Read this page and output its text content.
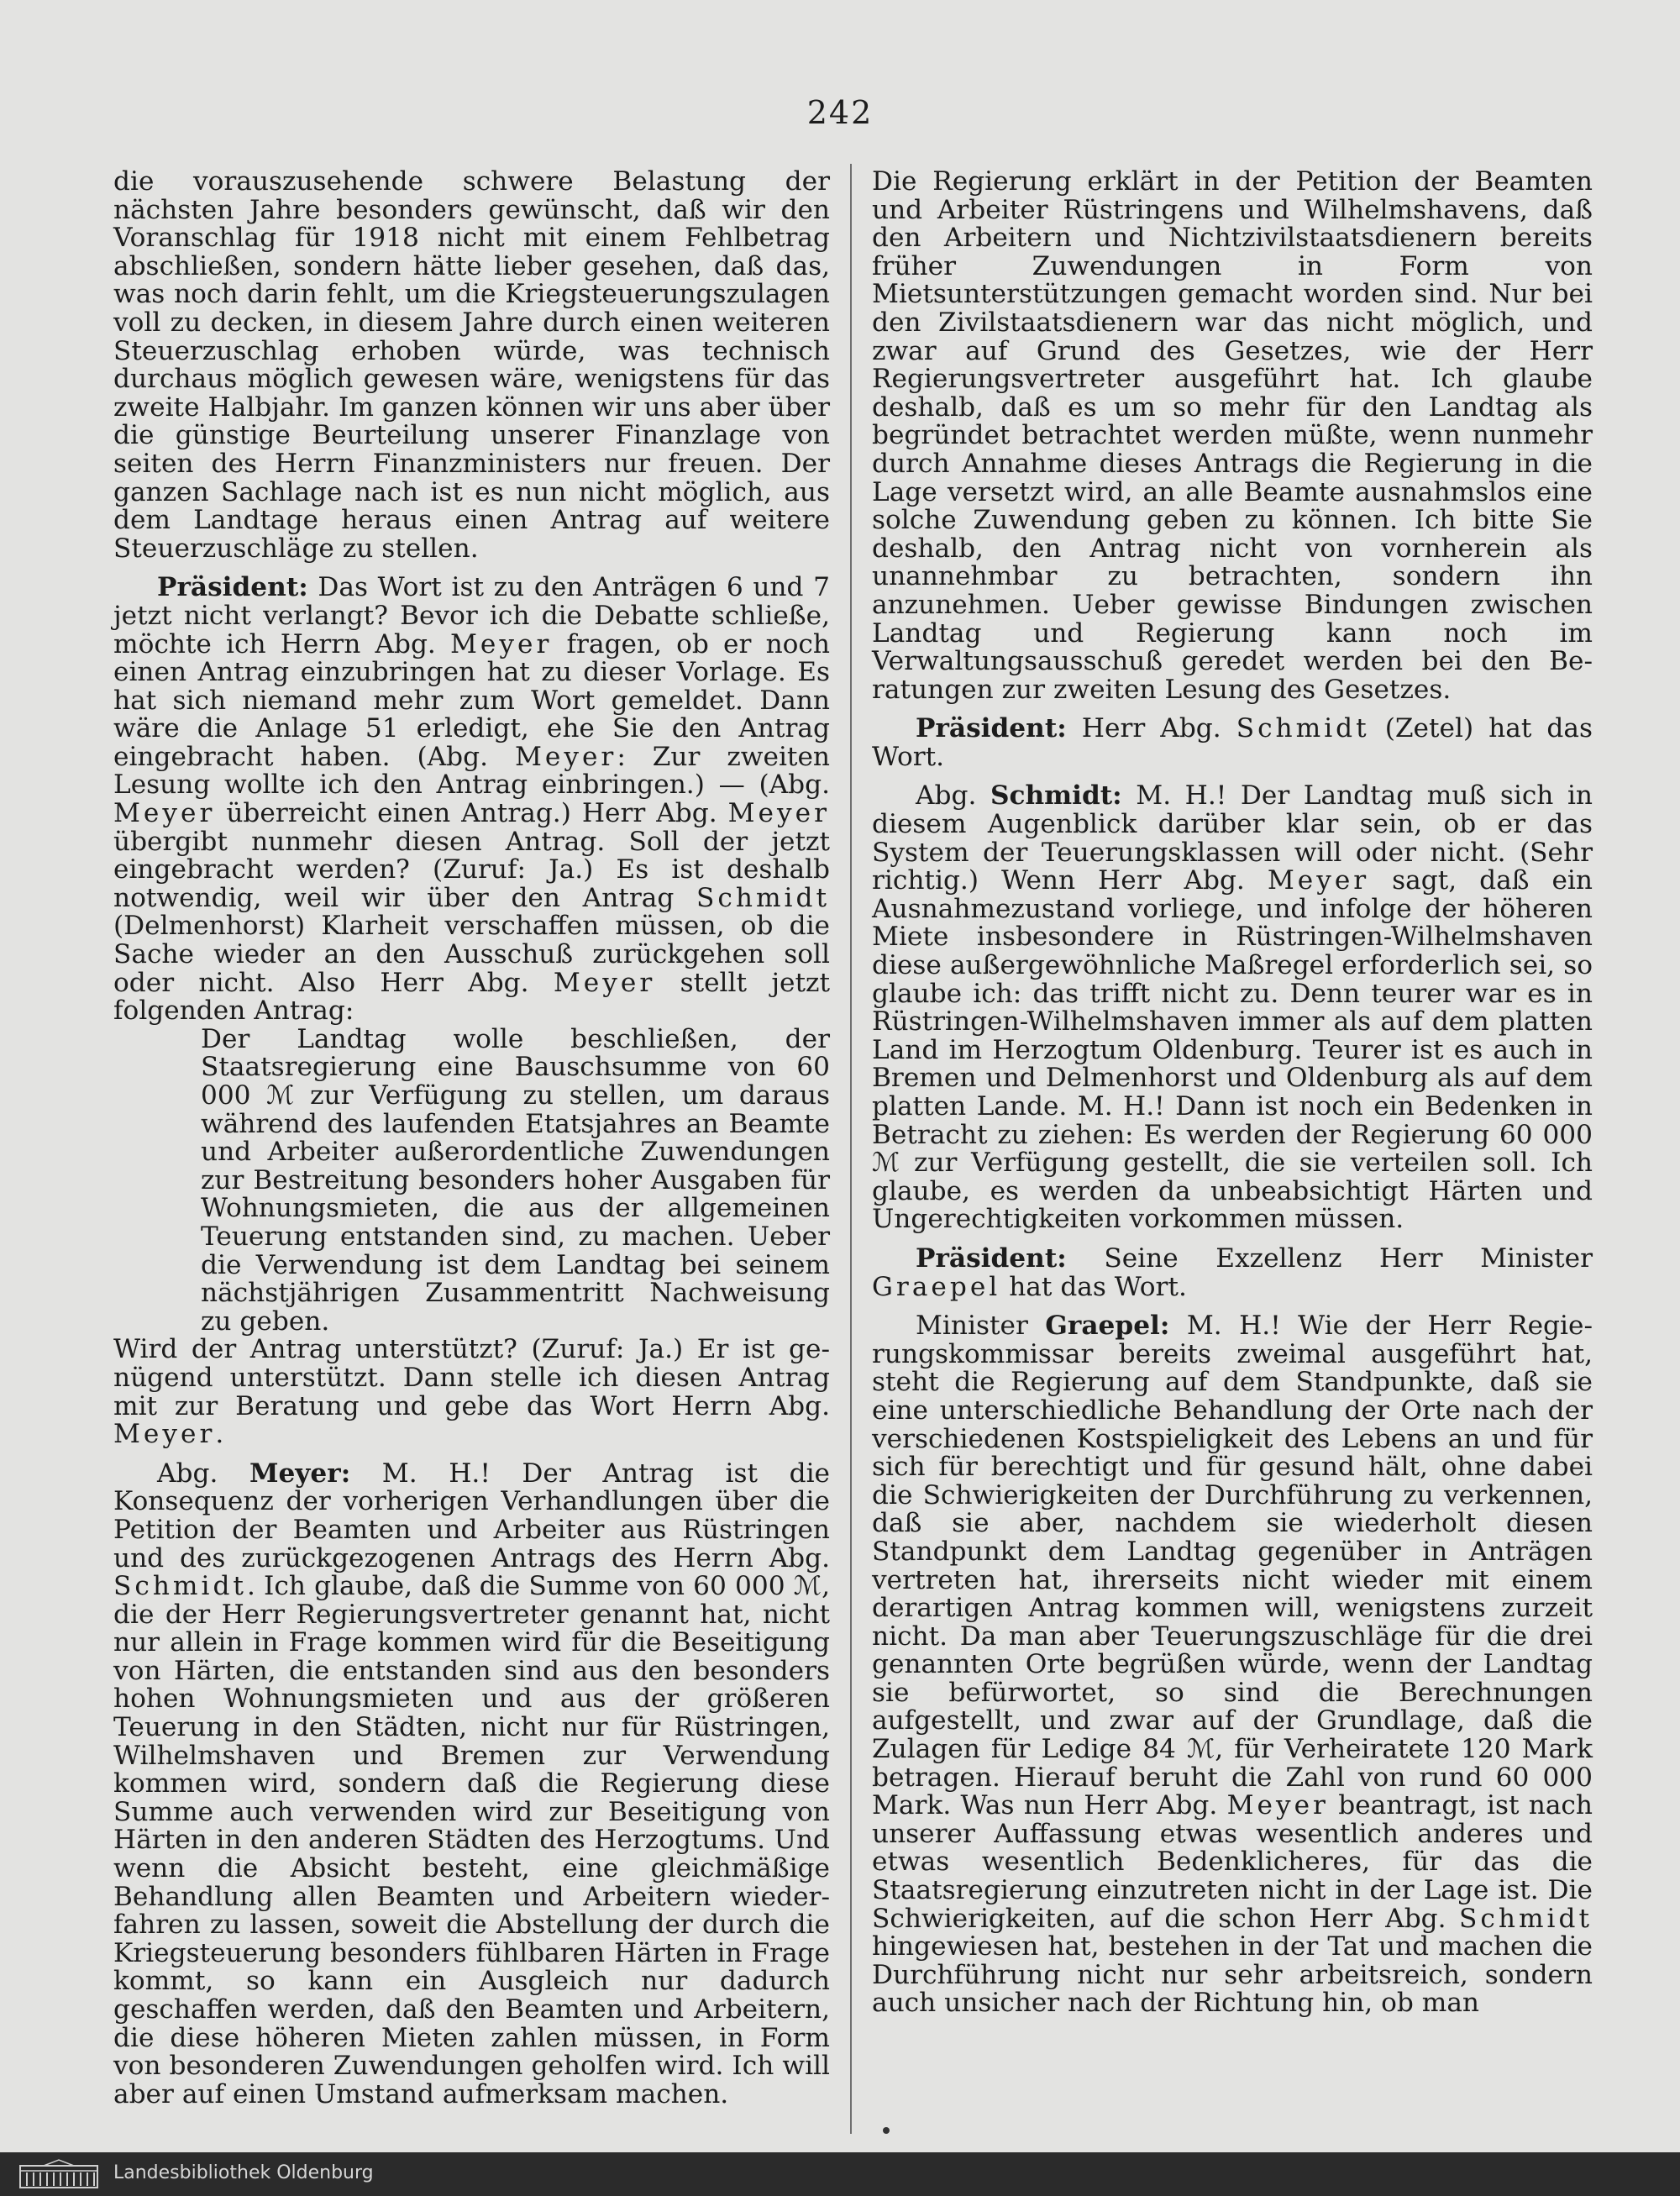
242

die vorauszusehende schwere Belastung der nächsten Jahre besonders gewünscht, daß wir den Voranschlag für 1918 nicht mit einem Fehlbetrag abschließen, sondern hätte lieber gesehen, daß das, was noch darin fehlt, um die Kriegsteuerungszulagen voll zu decken, in diesem Jahre durch einen weiteren Steuerzuschlag erhoben würde, was technisch durchaus möglich gewesen wäre, wenigstens für das zweite Halbjahr. Im ganzen können wir uns aber über die günstige Beurteilung unserer Finanzlage von seiten des Herrn Finanzministers nur freuen. Der ganzen Sachlage nach ist es nun nicht möglich, aus dem Landtage heraus einen Antrag auf weitere Steuerzuschläge zu stellen.

Präsident: Das Wort ist zu den Anträgen 6 und 7 jetzt nicht verlangt? Bevor ich die Debatte schließe, möchte ich Herrn Abg. Meyer fragen, ob er noch einen Antrag einzubringen hat zu dieser Vorlage. Es hat sich niemand mehr zum Wort gemeldet. Dann wäre die Anlage 51 erledigt, ehe Sie den Antrag eingebracht haben. (Abg. Meyer: Zur zweiten Lesung wollte ich den Antrag einbringen.) — (Abg. Meyer überreicht einen Antrag.) Herr Abg. Meyer übergibt nunmehr diesen Antrag. Soll der jetzt eingebracht werden? (Zuruf: Ja.) Es ist deshalb notwendig, weil wir über den Antrag Schmidt (Delmenhorst) Klarheit verschaffen müssen, ob die Sache wieder an den Ausschuß zurückgehen soll oder nicht. Also Herr Abg. Meyer stellt jetzt folgenden Antrag:

Der Landtag wolle beschließen, der Staatsregierung eine Bauschsumme von 60 000 ℳ zur Verfügung zu stellen, um daraus während des laufenden Etatsjahres an Beamte und Arbeiter außerordentliche Zuwendungen zur Bestreitung besonders hoher Ausgaben für Wohnungsmieten, die aus der allgemeinen Teuerung entstanden sind, zu machen. Ueber die Verwendung ist dem Landtag bei seinem nächstjährigen Zusammentritt Nachweisung zu geben.

Wird der Antrag unterstützt? (Zuruf: Ja.) Er ist genügend unterstützt. Dann stelle ich diesen Antrag mit zur Beratung und gebe das Wort Herrn Abg. Meyer.

Abg. Meyer: M. H.! Der Antrag ist die Konsequenz der vorherigen Verhandlungen über die Petition der Beamten und Arbeiter aus Rüstringen und des zurückgezogenen Antrags des Herrn Abg. Schmidt. Ich glaube, daß die Summe von 60 000 ℳ, die der Herr Regierungsvertreter genannt hat, nicht nur allein in Frage kommen wird für die Beseitigung von Härten, die entstanden sind aus den besonders hohen Wohnungsmieten und aus der größeren Teuerung in den Städten, nicht nur für Rüstringen, Wilhelmshaven und Bremen zur Verwendung kommen wird, sondern daß die Regierung diese Summe auch verwenden wird zur Beseitigung von Härten in den anderen Städten des Herzogtums. Und wenn die Absicht besteht, eine gleichmäßige Behandlung allen Beamten und Arbeitern wiederfahren zu lassen, soweit die Abstellung der durch die Kriegsteuerung besonders fühlbaren Härten in Frage kommt, so kann ein Ausgleich nur dadurch geschaffen werden, daß den Beamten und Arbeitern, die diese höheren Mieten zahlen müssen, in Form von besonderen Zuwendungen geholfen wird. Ich will aber auf einen Umstand aufmerksam machen.

Die Regierung erklärt in der Petition der Beamten und Arbeiter Rüstringens und Wilhelmshavens, daß den Arbeitern und Nichtzivilstaatsdienern bereits früher Zuwendungen in Form von Mietsunterstützungen gemacht worden sind. Nur bei den Zivilstaatsdienern war das nicht möglich, und zwar auf Grund des Gesetzes, wie der Herr Regierungsvertreter ausgeführt hat. Ich glaube deshalb, daß es um so mehr für den Landtag als begründet betrachtet werden müßte, wenn nunmehr durch Annahme dieses Antrags die Regierung in die Lage versetzt wird, an alle Beamte ausnahmslos eine solche Zuwendung geben zu können. Ich bitte Sie deshalb, den Antrag nicht von vornherein als unannehmbar zu betrachten, sondern ihn anzunehmen. Ueber gewisse Bindungen zwischen Landtag und Regierung kann noch im Verwaltungsausschuß geredet werden bei den Beratungen zur zweiten Lesung des Gesetzes.

Präsident: Herr Abg. Schmidt (Zetel) hat das Wort.

Abg. Schmidt: M. H.! Der Landtag muß sich in diesem Augenblick darüber klar sein, ob er das System der Teuerungsklassen will oder nicht. (Sehr richtig.) Wenn Herr Abg. Meyer sagt, daß ein Ausnahmezustand vorliege, und infolge der höheren Miete insbesondere in Rüstringen-Wilhelmshaven diese außergewöhnliche Maßregel erforderlich sei, so glaube ich: das trifft nicht zu. Denn teurer war es in Rüstringen-Wilhelmshaven immer als auf dem platten Land im Herzogtum Oldenburg. Teurer ist es auch in Bremen und Delmenhorst und Oldenburg als auf dem platten Lande. M. H.! Dann ist noch ein Bedenken in Betracht zu ziehen: Es werden der Regierung 60 000 ℳ zur Verfügung gestellt, die sie verteilen soll. Ich glaube, es werden da unbeabsichtigt Härten und Ungerechtigkeiten vorkommen müssen.

Präsident: Seine Exzellenz Herr Minister Graepel hat das Wort.

Minister Graepel: M. H.! Wie der Herr Regierungskommissar bereits zweimal ausgeführt hat, steht die Regierung auf dem Standpunkte, daß sie eine unterschiedliche Behandlung der Orte nach der verschiedenen Kostspieligkeit des Lebens an und für sich für berechtigt und für gesund hält, ohne dabei die Schwierigkeiten der Durchführung zu verkennen, daß sie aber, nachdem sie wiederholt diesen Standpunkt dem Landtag gegenüber in Anträgen vertreten hat, ihrerseits nicht wieder mit einem derartigen Antrag kommen will, wenigstens zurzeit nicht. Da man aber Teuerungszuschläge für die drei genannten Orte begrüßen würde, wenn der Landtag sie befürwortet, so sind die Berechnungen aufgestellt, und zwar auf der Grundlage, daß die Zulagen für Ledige 84 ℳ, für Verheiratete 120 Mark betragen. Hierauf beruht die Zahl von rund 60 000 Mark. Was nun Herr Abg. Meyer beantragt, ist nach unserer Auffassung etwas wesentlich anderes und etwas wesentlich Bedenklicheres, für das die Staatsregierung einzutreten nicht in der Lage ist. Die Schwierigkeiten, auf die schon Herr Abg. Schmidt hingewiesen hat, bestehen in der Tat und machen die Durchführung nicht nur sehr arbeitsreich, sondern auch unsicher nach der Richtung hin, ob man

Landesbibliothek Oldenburg
